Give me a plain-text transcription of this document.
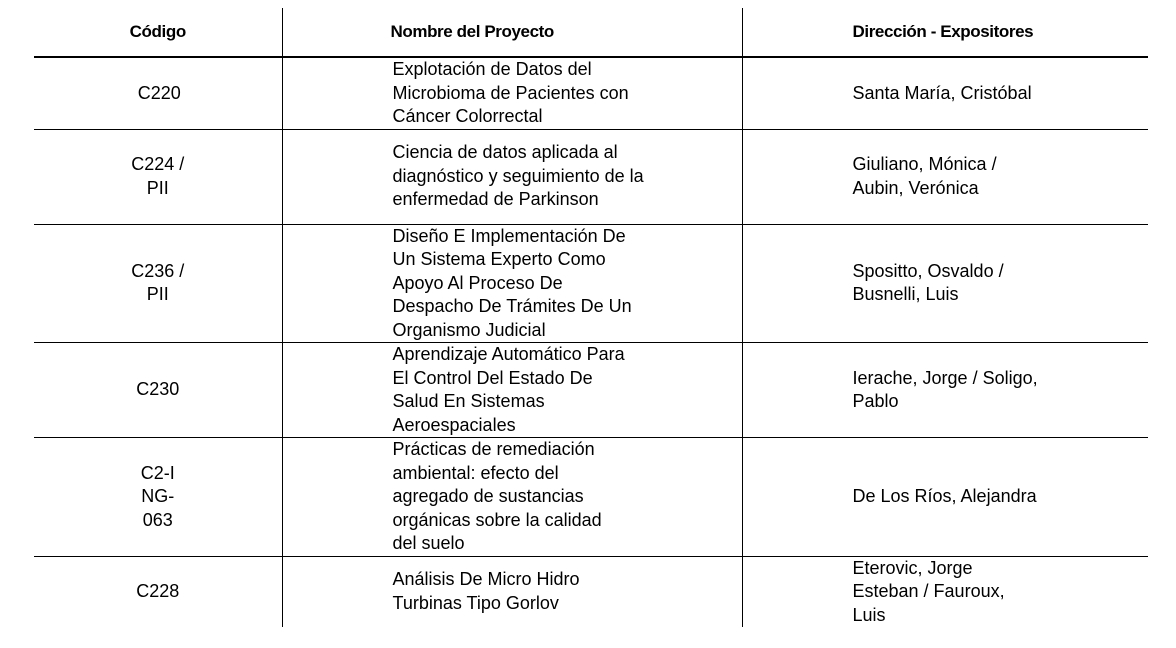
Código	Nombre del Proyecto	Dirección - Expositores

C220	Explotación de Datos del Microbioma de Pacientes con Cáncer Colorrectal	Santa María, Cristóbal

C224 / PII	Ciencia de datos aplicada al diagnóstico y seguimiento de la enfermedad de Parkinson	Giuliano, Mónica / Aubin, Verónica

C236 / PII	Diseño E Implementación De Un Sistema Experto Como Apoyo Al Proceso De Despacho De Trámites De Un Organismo Judicial	Spositto, Osvaldo / Busnelli, Luis

C230	Aprendizaje Automático Para El Control Del Estado De Salud En Sistemas Aeroespaciales	Ierache, Jorge / Soligo, Pablo

C2-ING-063	Prácticas de remediación ambiental: efecto del agregado de sustancias orgánicas sobre la calidad del suelo	De Los Ríos, Alejandra

C228	Análisis De Micro Hidro Turbinas Tipo Gorlov	Eterovic, Jorge Esteban / Fauroux, Luis
